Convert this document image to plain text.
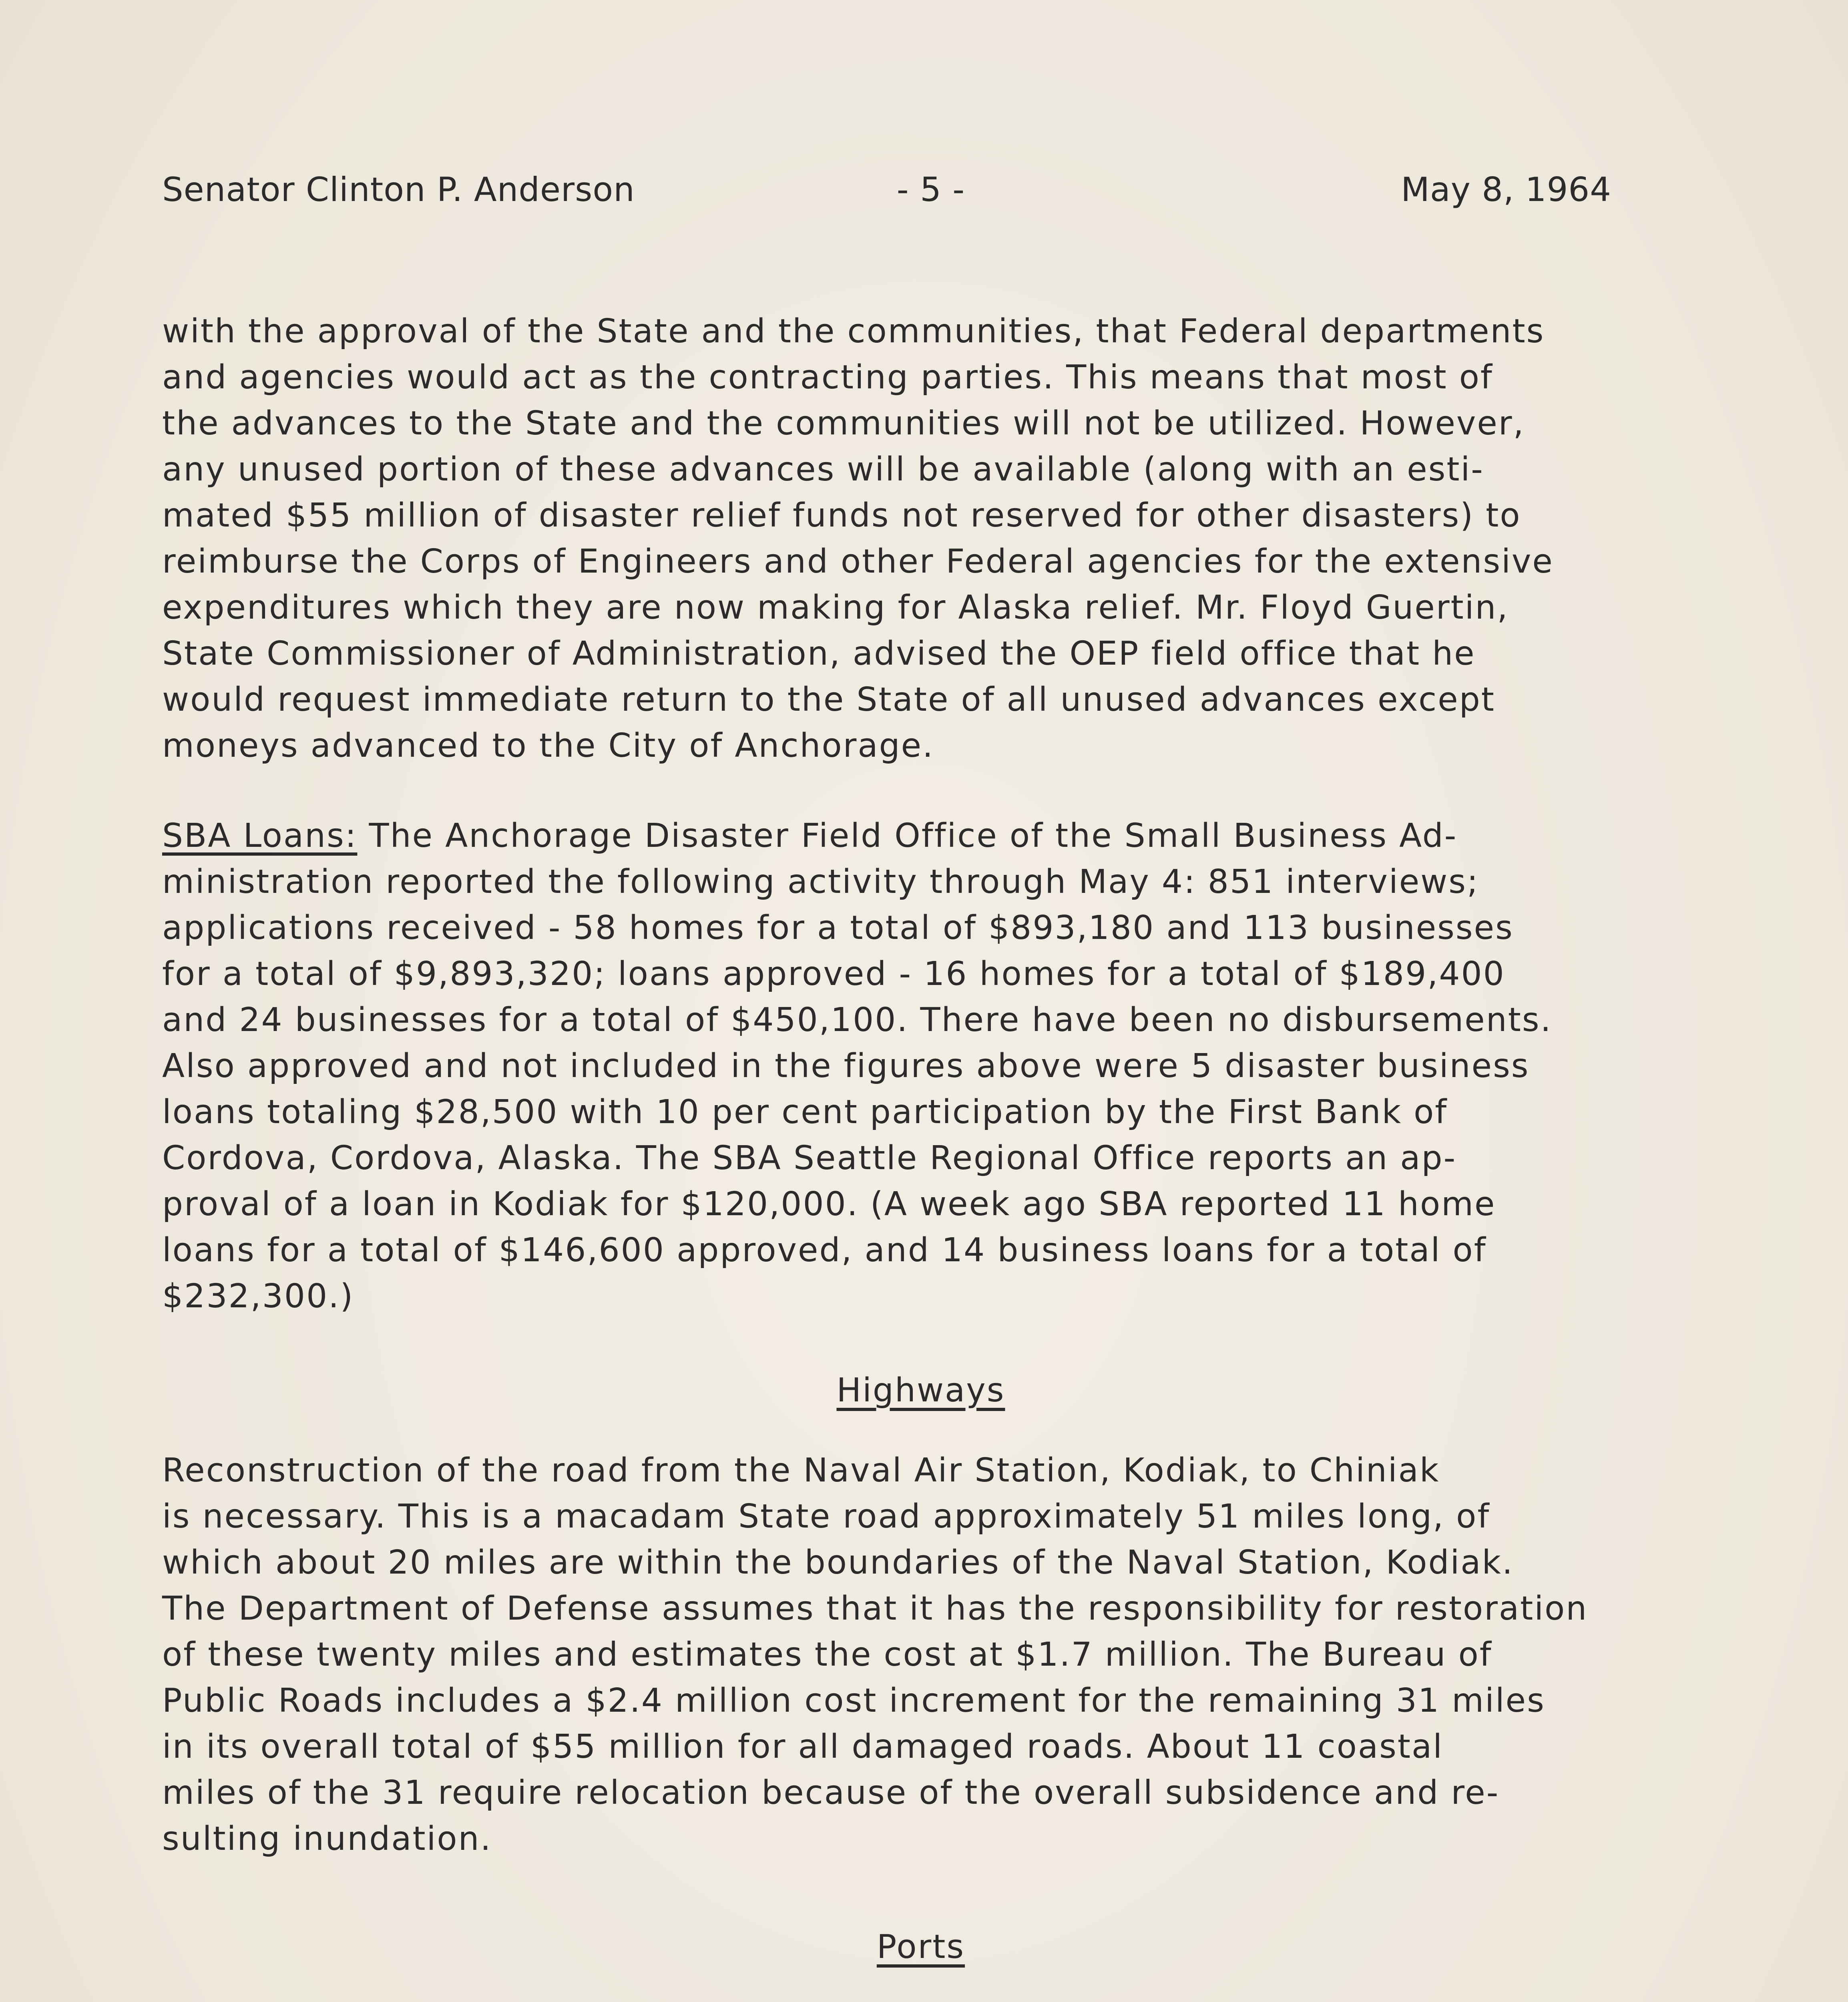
Senator Clinton P. Anderson	- 5 -	May 8, 1964
with the approval of the State and the communities, that Federal departments
and agencies would act as the contracting parties. This means that most of
the advances to the State and the communities will not be utilized. However,
any unused portion of these advances will be available (along with an esti-
mated $55 million of disaster relief funds not reserved for other disasters) to
reimburse the Corps of Engineers and other Federal agencies for the extensive
expenditures which they are now making for Alaska relief. Mr. Floyd Guertin,
State Commissioner of Administration, advised the OEP field office that he
would request immediate return to the State of all unused advances except
moneys advanced to the City of Anchorage.
SBA Loans: The Anchorage Disaster Field Office of the Small Business Ad-
ministration reported the following activity through May 4: 851 interviews;
applications received - 58 homes for a total of $893,180 and 113 businesses
for a total of $9,893,320; loans approved - 16 homes for a total of $189,400
and 24 businesses for a total of $450,100. There have been no disbursements.
Also approved and not included in the figures above were 5 disaster business
loans totaling $28,500 with 10 per cent participation by the First Bank of
Cordova, Cordova, Alaska. The SBA Seattle Regional Office reports an ap-
proval of a loan in Kodiak for $120,000. (A week ago SBA reported 11 home
loans for a total of $146,600 approved, and 14 business loans for a total of
$232,300.)
Highways
Reconstruction of the road from the Naval Air Station, Kodiak, to Chiniak
is necessary. This is a macadam State road approximately 51 miles long, of
which about 20 miles are within the boundaries of the Naval Station, Kodiak.
The Department of Defense assumes that it has the responsibility for restoration
of these twenty miles and estimates the cost at $1.7 million. The Bureau of
Public Roads includes a $2.4 million cost increment for the remaining 31 miles
in its overall total of $55 million for all damaged roads. About 11 coastal
miles of the 31 require relocation because of the overall subsidence and re-
sulting inundation.
Ports
